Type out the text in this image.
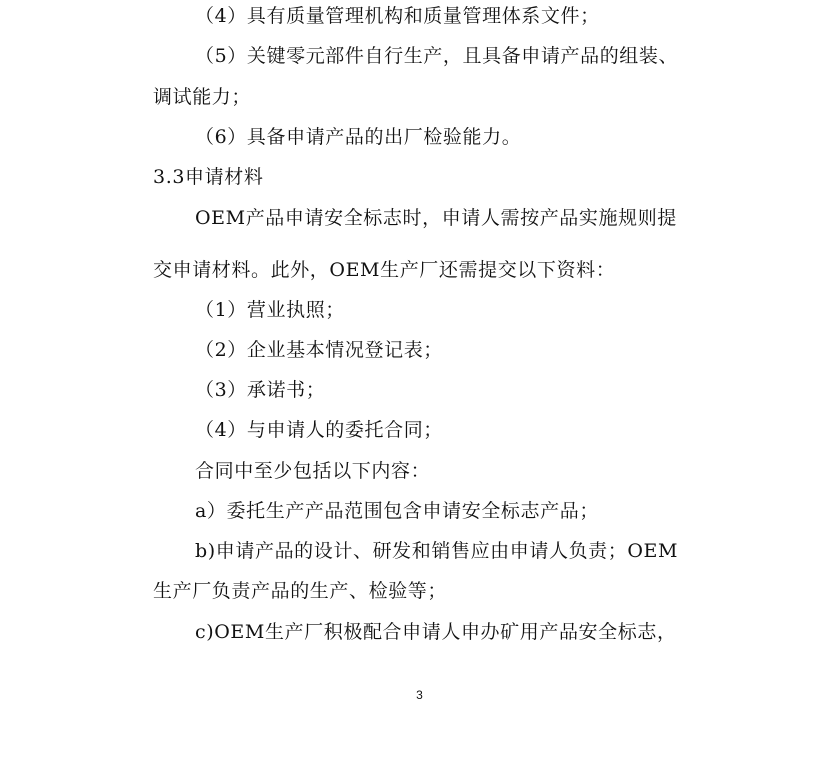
（4）具有质量管理机构和质量管理体系文件；
（5）关键零元部件自行生产，且具备申请产品的组装、
调试能力；
（6）具备申请产品的出厂检验能力。
3.3申请材料
OEM产品申请安全标志时，申请人需按产品实施规则提
交申请材料。此外，OEM生产厂还需提交以下资料：
（1）营业执照；
（2）企业基本情况登记表；
（3）承诺书；
（4）与申请人的委托合同；
合同中至少包括以下内容：
a）委托生产产品范围包含申请安全标志产品；
b)申请产品的设计、研发和销售应由申请人负责；OEM
生产厂负责产品的生产、检验等；
c)OEM生产厂积极配合申请人申办矿用产品安全标志，
3
